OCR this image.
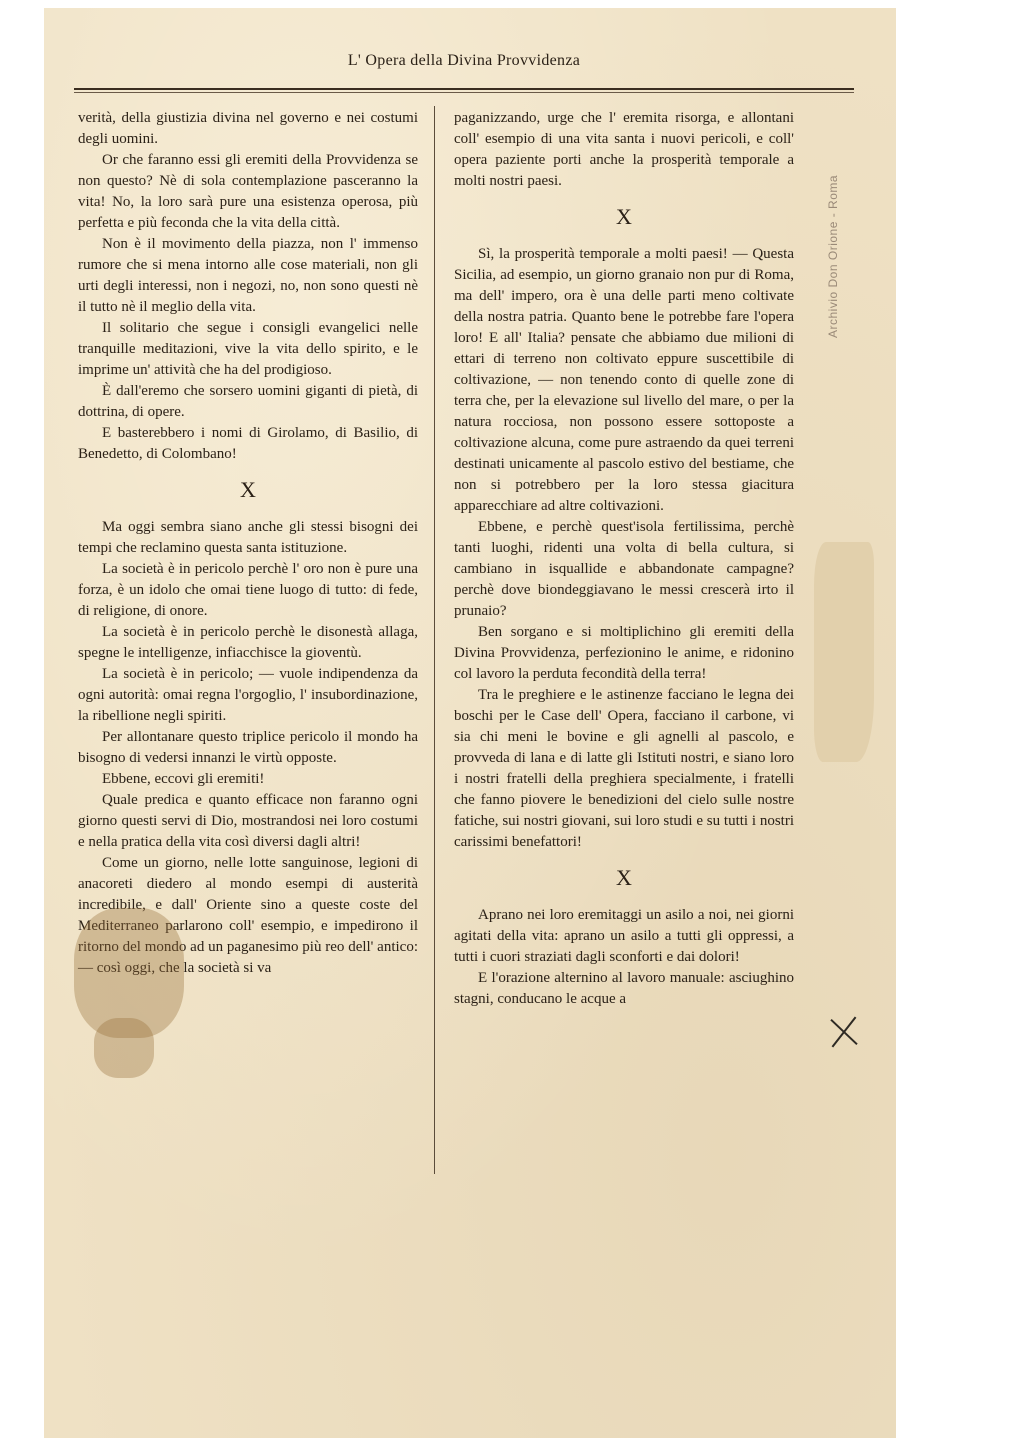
L' Opera della Divina Provvidenza

verità, della giustizia divina nel governo e nei costumi degli uomini.

Or che faranno essi gli eremiti della Provvidenza se non questo? Nè di sola contemplazione pasceranno la vita! No, la loro sarà pure una esistenza operosa, più perfetta e più feconda che la vita della città.

Non è il movimento della piazza, non l' immenso rumore che si mena intorno alle cose materiali, non gli urti degli interessi, non i negozi, no, non sono questi nè il tutto nè il meglio della vita.

Il solitario che segue i consigli evangelici nelle tranquille meditazioni, vive la vita dello spirito, e le imprime un' attività che ha del prodigioso.

È dall'eremo che sorsero uomini giganti di pietà, di dottrina, di opere.

E basterebbero i nomi di Girolamo, di Basilio, di Benedetto, di Colombano!

X

Ma oggi sembra siano anche gli stessi bisogni dei tempi che reclamino questa santa istituzione.

La società è in pericolo perchè l' oro non è pure una forza, è un idolo che omai tiene luogo di tutto: di fede, di religione, di onore.

La società è in pericolo perchè le disonestà allaga, spegne le intelligenze, infiacchisce la gioventù.

La società è in pericolo; — vuole indipendenza da ogni autorità: omai regna l'orgoglio, l' insubordinazione, la ribellione negli spiriti.

Per allontanare questo triplice pericolo il mondo ha bisogno di vedersi innanzi le virtù opposte.

Ebbene, eccovi gli eremiti!

Quale predica e quanto efficace non faranno ogni giorno questi servi di Dio, mostrandosi nei loro costumi e nella pratica della vita così diversi dagli altri!

Come un giorno, nelle lotte sanguinose, legioni di anacoreti diedero al mondo esempi di austerità incredibile, e dall' Oriente sino a queste coste del Mediterraneo parlarono coll' esempio, e impedirono il ritorno del mondo ad un paganesimo più reo dell' antico: — così oggi, che la società si va

paganizzando, urge che l' eremita risorga, e allontani coll' esempio di una vita santa i nuovi pericoli, e coll' opera paziente porti anche la prosperità temporale a molti nostri paesi.

X

Sì, la prosperità temporale a molti paesi! — Questa Sicilia, ad esempio, un giorno granaio non pur di Roma, ma dell' impero, ora è una delle parti meno coltivate della nostra patria. Quanto bene le potrebbe fare l'opera loro! E all' Italia? pensate che abbiamo due milioni di ettari di terreno non coltivato eppure suscettibile di coltivazione, — non tenendo conto di quelle zone di terra che, per la elevazione sul livello del mare, o per la natura rocciosa, non possono essere sottoposte a coltivazione alcuna, come pure astraendo da quei terreni destinati unicamente al pascolo estivo del bestiame, che non si potrebbero per la loro stessa giacitura apparecchiare ad altre coltivazioni.

Ebbene, e perchè quest'isola fertilissima, perchè tanti luoghi, ridenti una volta di bella cultura, si cambiano in isquallide e abbandonate campagne? perchè dove biondeggiavano le messi crescerà irto il prunaio?

Ben sorgano e si moltiplichino gli eremiti della Divina Provvidenza, perfezionino le anime, e ridonino col lavoro la perduta fecondità della terra!

Tra le preghiere e le astinenze facciano le legna dei boschi per le Case dell' Opera, facciano il carbone, vi sia chi meni le bovine e gli agnelli al pascolo, e provveda di lana e di latte gli Istituti nostri, e siano loro i nostri fratelli della preghiera specialmente, i fratelli che fanno piovere le benedizioni del cielo sulle nostre fatiche, sui nostri giovani, sui loro studi e su tutti i nostri carissimi benefattori!

X

Aprano nei loro eremitaggi un asilo a noi, nei giorni agitati della vita: aprano un asilo a tutti gli oppressi, a tutti i cuori straziati dagli sconforti e dai dolori!

E l'orazione alternino al lavoro manuale: asciughino stagni, conducano le acque a

Archivio Don Orione - Roma
